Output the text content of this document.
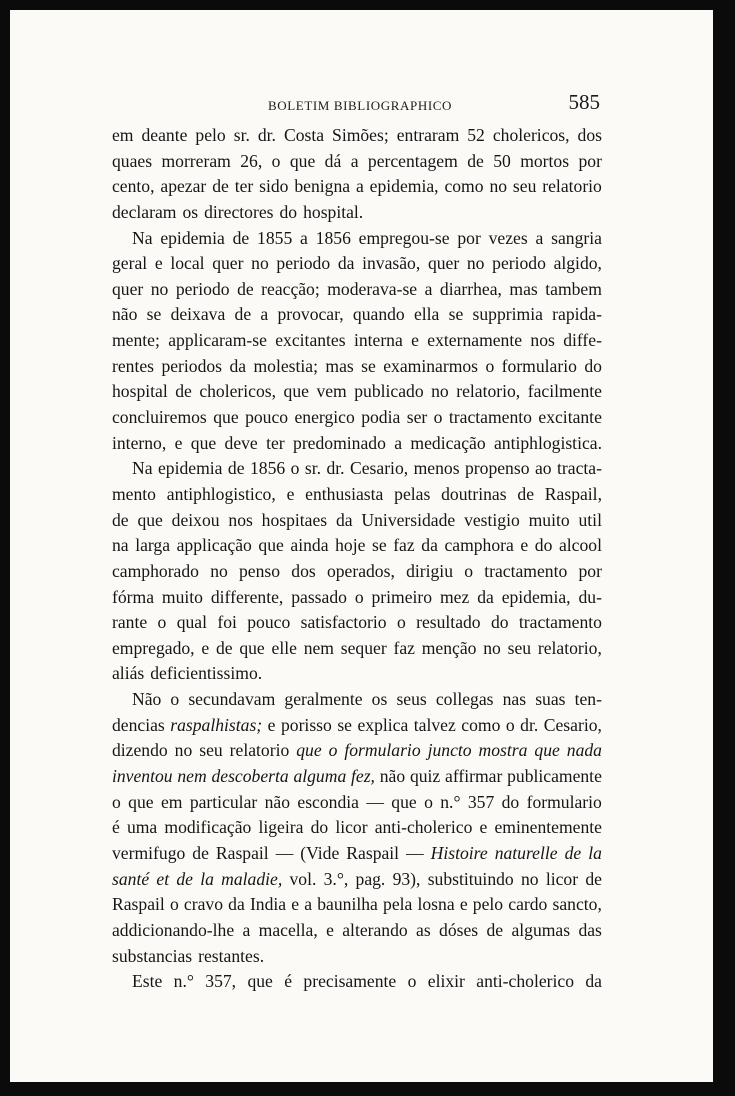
BOLETIM BIBLIOGRAPHICO	585
em deante pelo sr. dr. Costa Simões; entraram 52 cholericos, dos
quaes morreram 26, o que dá a percentagem de 50 mortos por
cento, apezar de ter sido benigna a epidemia, como no seu relatorio
declaram os directores do hospital.
Na epidemia de 1855 a 1856 empregou-se por vezes a sangria
geral e local quer no periodo da invasão, quer no periodo algido,
quer no periodo de reacção; moderava-se a diarrhea, mas tambem
não se deixava de a provocar, quando ella se supprimia rapida-
mente; applicaram-se excitantes interna e externamente nos diffe-
rentes periodos da molestia; mas se examinarmos o formulario do
hospital de cholericos, que vem publicado no relatorio, facilmente
concluiremos que pouco energico podia ser o tractamento excitante
interno, e que deve ter predominado a medicação antiphlogistica.
Na epidemia de 1856 o sr. dr. Cesario, menos propenso ao tracta-
mento antiphlogistico, e enthusiasta pelas doutrinas de Raspail,
de que deixou nos hospitaes da Universidade vestigio muito util
na larga applicação que ainda hoje se faz da camphora e do alcool
camphorado no penso dos operados, dirigiu o tractamento por
fórma muito differente, passado o primeiro mez da epidemia, du-
rante o qual foi pouco satisfactorio o resultado do tractamento
empregado, e de que elle nem sequer faz menção no seu relatorio,
aliás deficientissimo.
Não o secundavam geralmente os seus collegas nas suas ten-
dencias raspalhistas; e porisso se explica talvez como o dr. Cesario,
dizendo no seu relatorio que o formulario juncto mostra que nada
inventou nem descoberta alguma fez, não quiz affirmar publicamente
o que em particular não escondia — que o n.° 357 do formulario
é uma modificação ligeira do licor anti-cholerico e eminentemente
vermifugo de Raspail — (Vide Raspail — Histoire naturelle de la
santé et de la maladie, vol. 3.°, pag. 93), substituindo no licor de
Raspail o cravo da India e a baunilha pela losna e pelo cardo sancto,
addicionando-lhe a macella, e alterando as dóses de algumas das
substancias restantes.
Este n.° 357, que é precisamente o elixir anti-cholerico da
